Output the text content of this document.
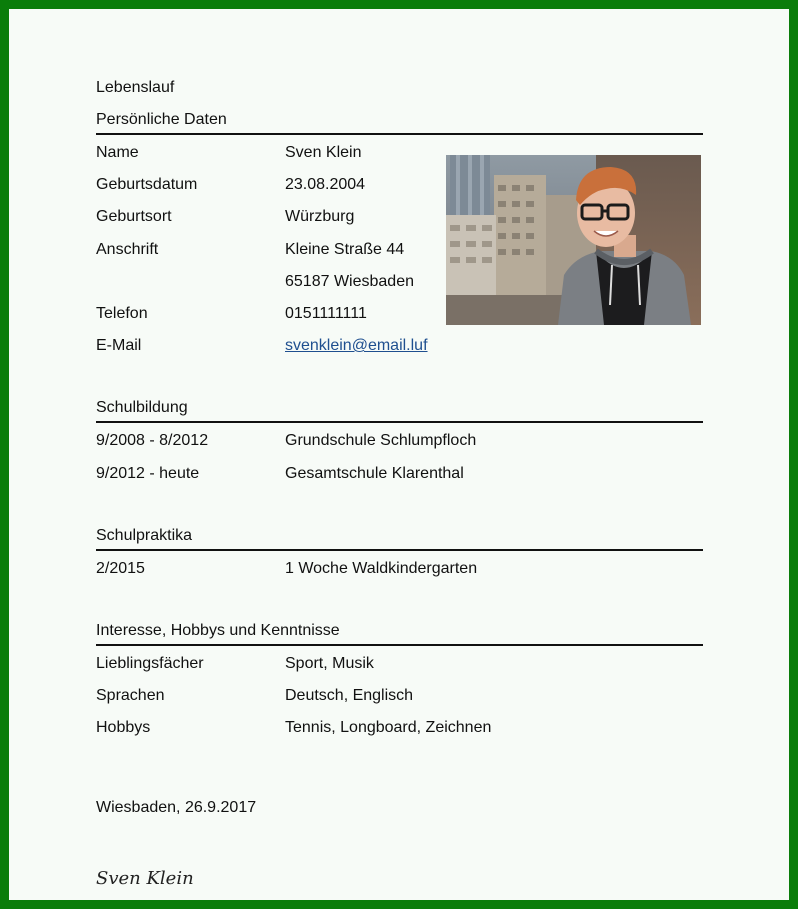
Lebenslauf
Persönliche Daten
Name	Sven Klein
Geburtsdatum	23.08.2004
Geburtsort	Würzburg
Anschrift	Kleine Straße 44
65187 Wiesbaden
Telefon	0151111111
E-Mail	svenklein@email.luf
Schulbildung
9/2008 - 8/2012	Grundschule Schlumpfloch
9/2012 - heute	Gesamtschule Klarenthal
Schulpraktika
2/2015	1 Woche Waldkindergarten
Interesse, Hobbys und Kenntnisse
Lieblingsfächer	Sport, Musik
Sprachen	Deutsch, Englisch
Hobbys	Tennis, Longboard, Zeichnen
Wiesbaden, 26.9.2017
Sven Klein
